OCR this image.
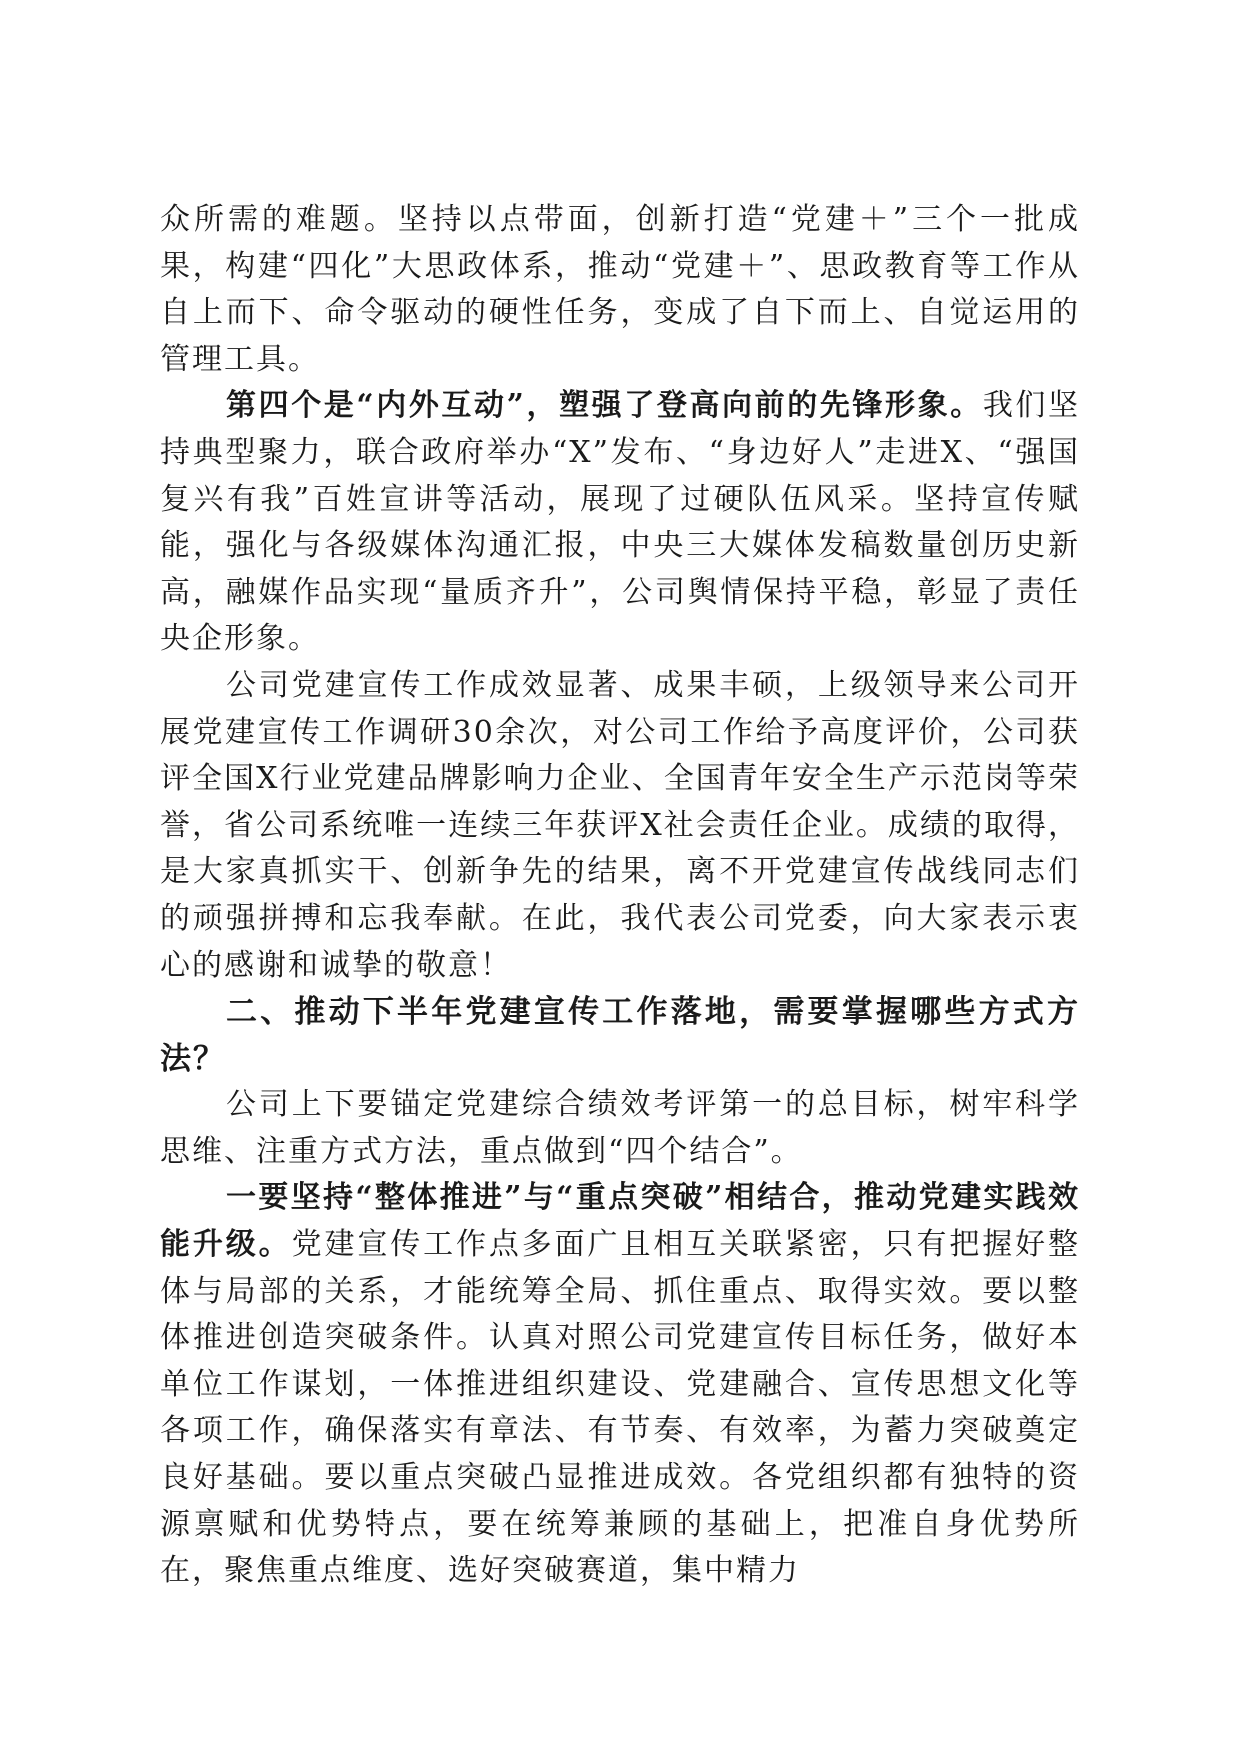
众所需的难题。坚持以点带面，创新打造“党建＋”三个一批成果，构建“四化”大思政体系，推动“党建＋”、思政教育等工作从自上而下、命令驱动的硬性任务，变成了自下而上、自觉运用的管理工具。

第四个是“内外互动”，塑强了登高向前的先锋形象。我们坚持典型聚力，联合政府举办“X”发布、“身边好人”走进X、“强国复兴有我”百姓宣讲等活动，展现了过硬队伍风采。坚持宣传赋能，强化与各级媒体沟通汇报，中央三大媒体发稿数量创历史新高，融媒作品实现“量质齐升”，公司舆情保持平稳，彰显了责任央企形象。

公司党建宣传工作成效显著、成果丰硕，上级领导来公司开展党建宣传工作调研30余次，对公司工作给予高度评价，公司获评全国X行业党建品牌影响力企业、全国青年安全生产示范岗等荣誉，省公司系统唯一连续三年获评X社会责任企业。成绩的取得，是大家真抓实干、创新争先的结果，离不开党建宣传战线同志们的顽强拼搏和忘我奉献。在此，我代表公司党委，向大家表示衷心的感谢和诚挚的敬意！

二、推动下半年党建宣传工作落地，需要掌握哪些方式方法？

公司上下要锚定党建综合绩效考评第一的总目标，树牢科学思维、注重方式方法，重点做到“四个结合”。

一要坚持“整体推进”与“重点突破”相结合，推动党建实践效能升级。党建宣传工作点多面广且相互关联紧密，只有把握好整体与局部的关系，才能统筹全局、抓住重点、取得实效。要以整体推进创造突破条件。认真对照公司党建宣传目标任务，做好本单位工作谋划，一体推进组织建设、党建融合、宣传思想文化等各项工作，确保落实有章法、有节奏、有效率，为蓄力突破奠定良好基础。要以重点突破凸显推进成效。各党组织都有独特的资源禀赋和优势特点，要在统筹兼顾的基础上，把准自身优势所在，聚焦重点维度、选好突破赛道，集中精力
